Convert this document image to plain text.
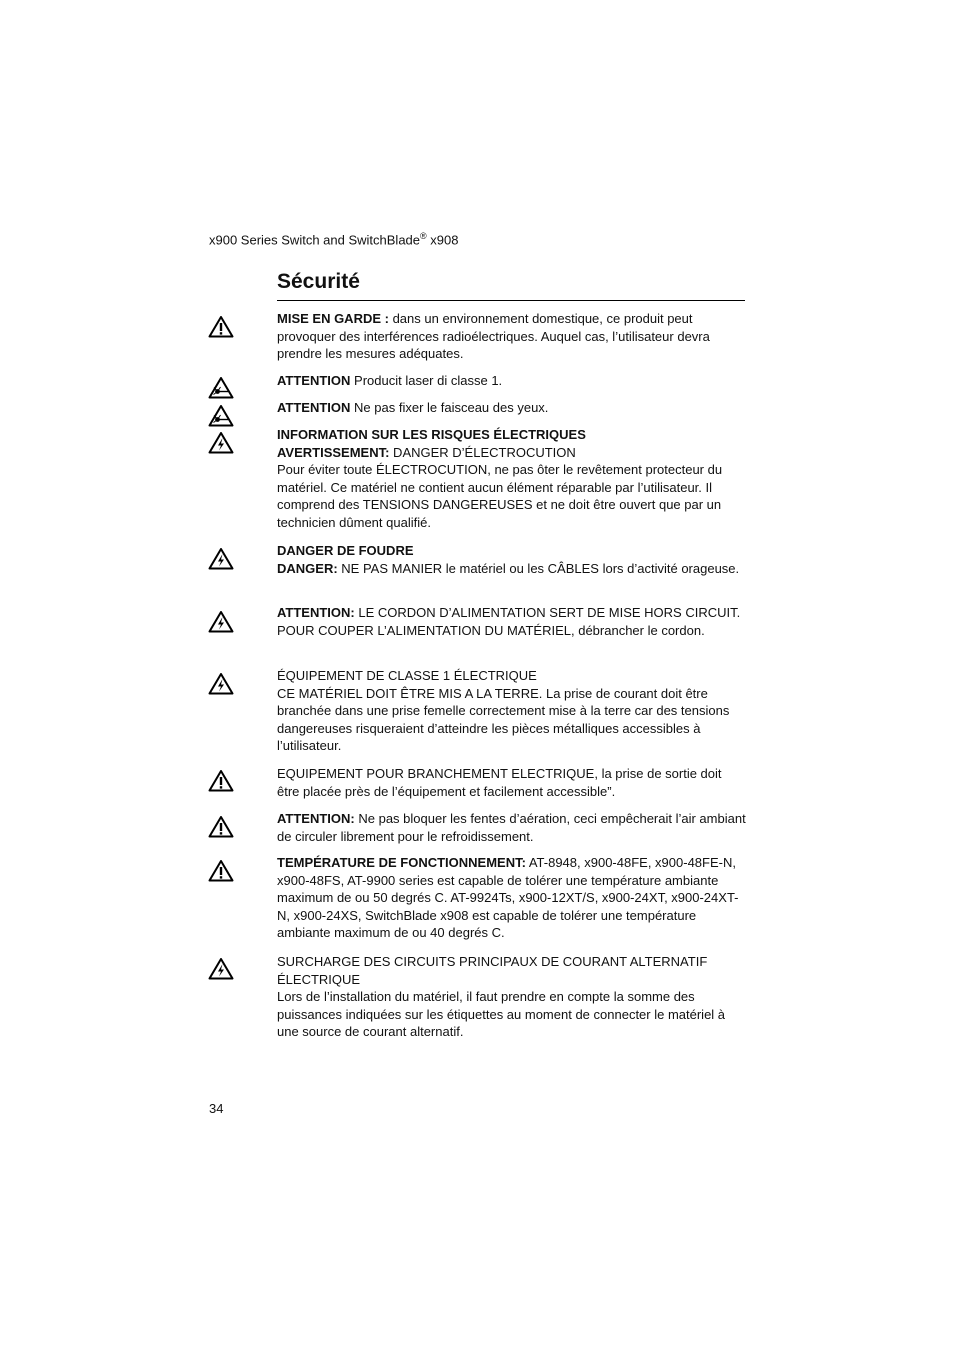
x900 Series Switch and SwitchBlade® x908
Sécurité
MISE EN GARDE : dans un environnement domestique, ce produit peut provoquer des interférences radioélectriques. Auquel cas, l’utilisateur devra prendre les mesures adéquates.
ATTENTION Producit laser di classe 1.
ATTENTION Ne pas fixer le faisceau des yeux.
INFORMATION SUR LES RISQUES ÉLECTRIQUES
AVERTISSEMENT: DANGER D’ÉLECTROCUTION
Pour éviter toute ÉLECTROCUTION, ne pas ôter le revêtement protecteur du matériel. Ce matériel ne contient aucun élément réparable par l’utilisateur. Il comprend des TENSIONS DANGEREUSES et ne doit être ouvert que par un technicien dûment qualifié.
DANGER DE FOUDRE
DANGER: NE PAS MANIER le matériel ou les CÂBLES lors d’activité orageuse.
ATTENTION: LE CORDON D’ALIMENTATION SERT DE MISE HORS CIRCUIT. POUR COUPER L’ALIMENTATION DU MATÉRIEL, débrancher le cordon.
ÉQUIPEMENT DE CLASSE 1 ÉLECTRIQUE
CE MATÉRIEL DOIT ÊTRE MIS A LA TERRE. La prise de courant doit être branchée dans une prise femelle correctement mise à la terre car des tensions dangereuses risqueraient d’atteindre les pièces métalliques accessibles à l’utilisateur.
EQUIPEMENT POUR BRANCHEMENT ELECTRIQUE, la prise de sortie doit être placée près de l’équipement et facilement accessible”.
ATTENTION: Ne pas bloquer les fentes d’aération, ceci empêcherait l’air ambiant de circuler librement pour le refroidissement.
TEMPÉRATURE DE FONCTIONNEMENT: AT-8948, x900-48FE, x900-48FE-N, x900-48FS, AT-9900 series est capable de tolérer une température ambiante maximum de ou 50 degrés C. AT-9924Ts, x900-12XT/S, x900-24XT, x900-24XT-N, x900-24XS, SwitchBlade x908 est capable de tolérer une température ambiante maximum de ou 40 degrés C.
SURCHARGE DES CIRCUITS PRINCIPAUX DE COURANT ALTERNATIF ÉLECTRIQUE
Lors de l’installation du matériel, il faut prendre en compte la somme des puissances indiquées sur les étiquettes au moment de connecter le matériel à une source de courant alternatif.
34
